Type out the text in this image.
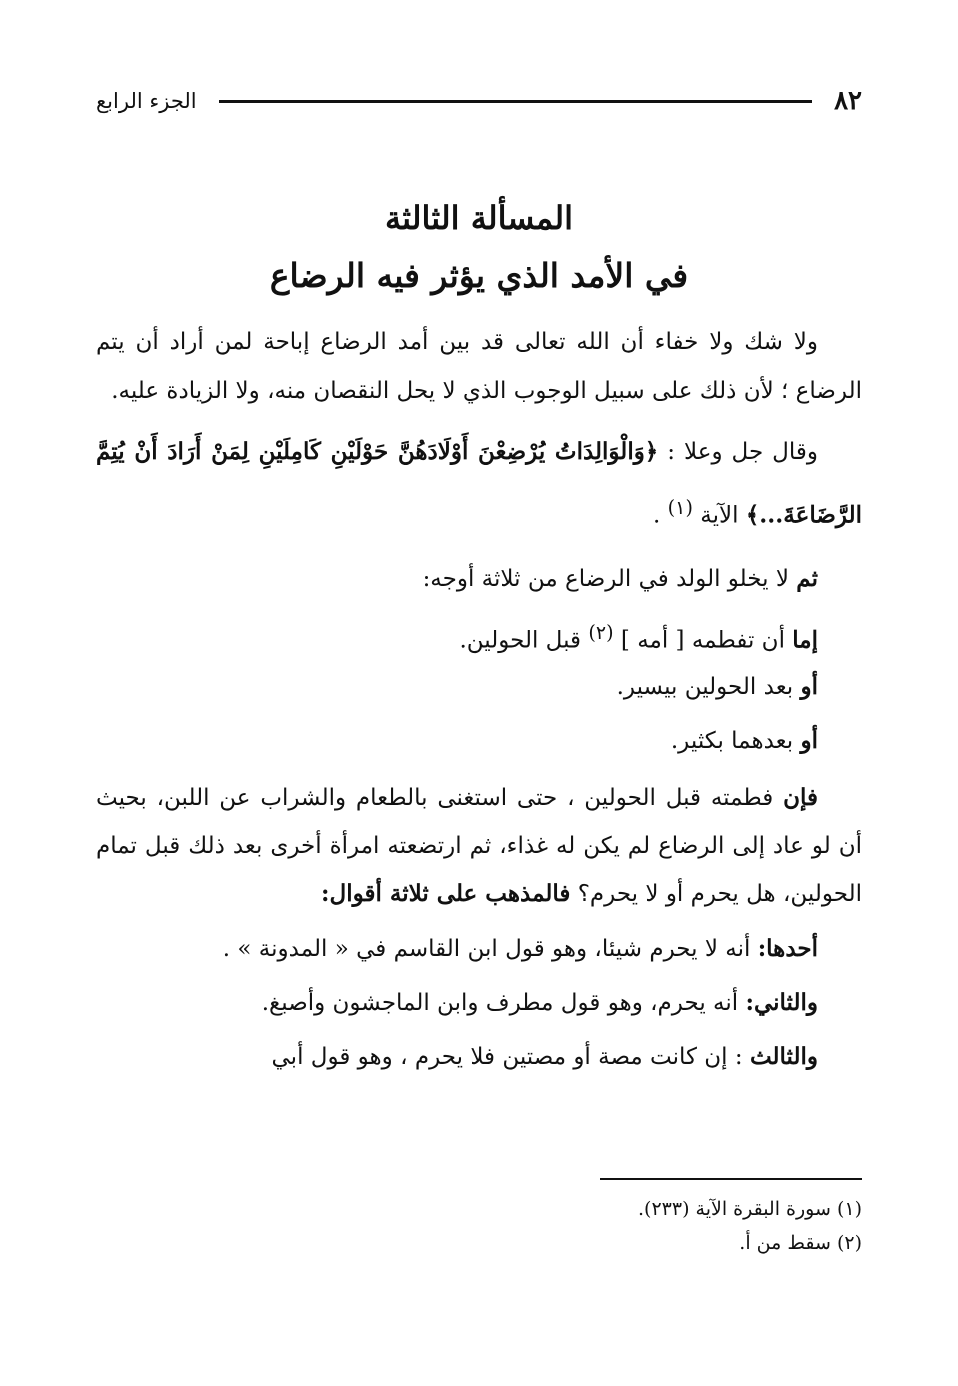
٨٢
الجزء الرابع
المسألة الثالثة
في الأمد الذي يؤثر فيه الرضاع

ولا شك ولا خفاء أن الله تعالى قد بين أمد الرضاع إباحة لمن أراد أن يتم الرضاع ؛ لأن ذلك على سبيل الوجوب الذي لا يحل النقصان منه، ولا الزيادة عليه.

وقال جل وعلا : ﴿وَالْوَالِدَاتُ يُرْضِعْنَ أَوْلَادَهُنَّ حَوْلَيْنِ كَامِلَيْنِ لِمَنْ أَرَادَ أَنْ يُتِمَّ الرَّضَاعَةَ...﴾ الآية $^{(١)}$ .

ثم لا يخلو الولد في الرضاع من ثلاثة أوجه:
إما أن تفطمه [ أمه ] $^{(٢)}$ قبل الحولين.
أو بعد الحولين بيسير.
أو بعدهما بكثير.

فإن فطمته قبل الحولين ، حتى استغنى بالطعام والشراب عن اللبن، بحيث أن لو عاد إلى الرضاع لم يكن له غذاء، ثم ارتضعته امرأة أخرى بعد ذلك قبل تمام الحولين، هل يحرم أو لا يحرم؟ فالمذهب على ثلاثة أقوال:

أحدها: أنه لا يحرم شيئا، وهو قول ابن القاسم في « المدونة » .
والثاني: أنه يحرم، وهو قول مطرف وابن الماجشون وأصبغ.
والثالث : إن كانت مصة أو مصتين فلا يحرم ، وهو قول أبي
(١) سورة البقرة الآية (٢٣٣).
(٢) سقط من أ.
